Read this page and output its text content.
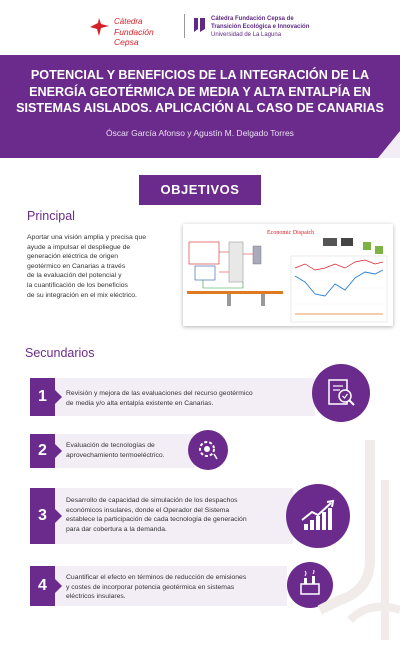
Cátedra
Fundación Cepsa
Cátedra Fundación Cepsa de
Transición Ecológica e Innovación
Universidad de La Laguna
POTENCIAL Y BENEFICIOS DE LA INTEGRACIÓN DE LA
ENERGÍA GEOTÉRMICA DE MEDIA Y ALTA ENTALPÍA EN
SISTEMAS AISLADOS. APLICACIÓN AL CASO DE CANARIAS
Óscar García Afonso y Agustín M. Delgado Torres
OBJETIVOS
Principal
Aportar una visión amplia y precisa que
ayude a impulsar el despliegue de
generación eléctrica de origen
geotérmico en Canarias a través
de la evaluación del potencial y
la cuantificación de los beneficios
de su integración en el mix eléctrico.
Economic Dispatch
Secundarios
1	Revisión y mejora de las evaluaciones del recurso geotérmico
de media y/o alta entalpía existente en Canarias.
2	Evaluación de tecnologías de
aprovechamiento termoeléctrico.
3
Desarrollo de capacidad de simulación de los despachos
económicos insulares, donde el Operador del Sistema
establece la participación de cada tecnología de generación
para dar cobertura a la demanda.
4	Cuantificar el efecto en términos de reducción de emisiones
y costes de incorporar potencia geotérmica en sistemas
eléctricos insulares.
